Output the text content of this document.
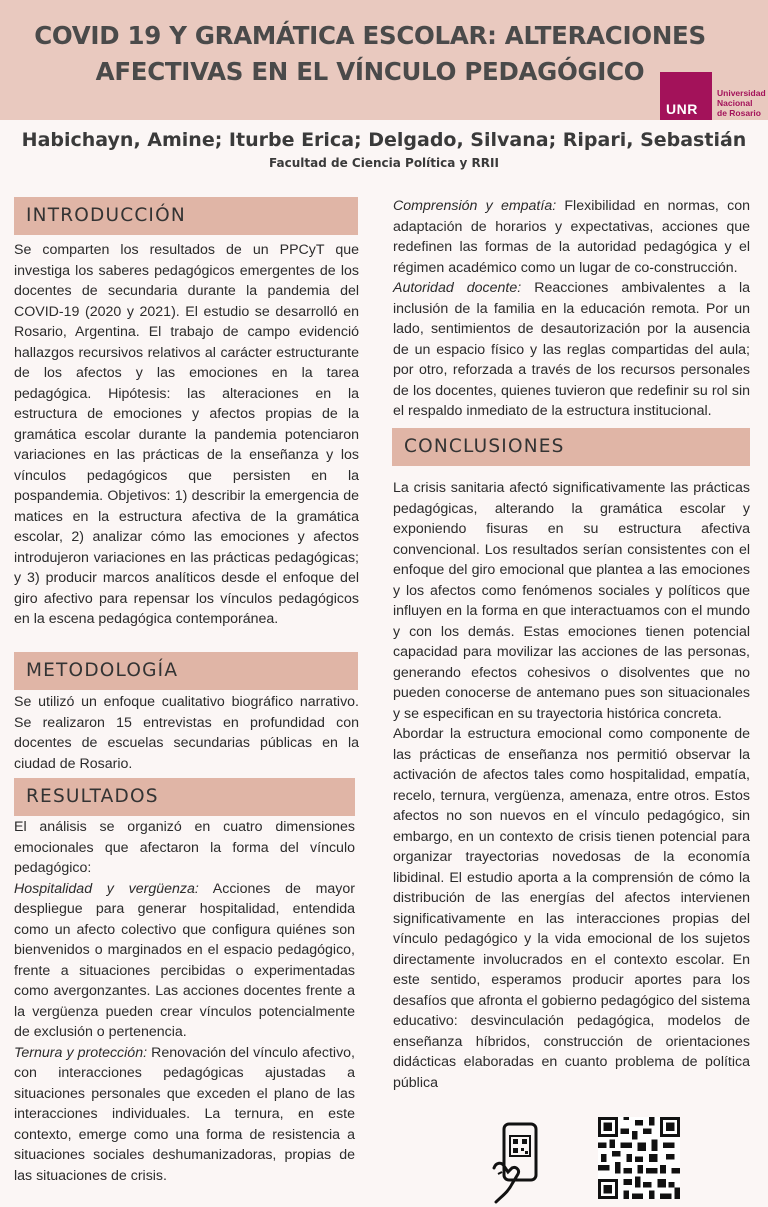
COVID 19 Y GRAMÁTICA ESCOLAR: ALTERACIONES
AFECTIVAS EN EL VÍNCULO PEDAGÓGICO
UNR
Universidad
Nacional
de Rosario
Habichayn, Amine; Iturbe Erica; Delgado, Silvana; Ripari, Sebastián
Facultad de Ciencia Política y RRII
INTRODUCCIÓN

Se comparten los resultados de un PPCyT que investiga los saberes pedagógicos emergentes de los docentes de secundaria durante la pandemia del COVID-19 (2020 y 2021). El estudio se desarrolló en Rosario, Argentina. El trabajo de campo evidenció hallazgos recursivos relativos al carácter estructurante de los afectos y las emociones en la tarea pedagógica. Hipótesis: las alteraciones en la estructura de emociones y afectos propias de la gramática escolar durante la pandemia potenciaron variaciones en las prácticas de la enseñanza y los vínculos pedagógicos que persisten en la pospandemia. Objetivos: 1) describir la emergencia de matices en la estructura afectiva de la gramática escolar, 2) analizar cómo las emociones y afectos introdujeron variaciones en las prácticas pedagógicas; y 3) producir marcos analíticos desde el enfoque del giro afectivo para repensar los vínculos pedagógicos en la escena pedagógica contemporánea.

METODOLOGÍA

Se utilizó un enfoque cualitativo biográfico narrativo. Se realizaron 15 entrevistas en profundidad con docentes de escuelas secundarias públicas en la ciudad de Rosario.

RESULTADOS

El análisis se organizó en cuatro dimensiones emocionales que afectaron la forma del vínculo pedagógico:

Hospitalidad y vergüenza: Acciones de mayor despliegue para generar hospitalidad, entendida como un afecto colectivo que configura quiénes son bienvenidos o marginados en el espacio pedagógico, frente a situaciones percibidas o experimentadas como avergonzantes. Las acciones docentes frente a la vergüenza pueden crear vínculos potencialmente de exclusión o pertenencia.

Ternura y protección: Renovación del vínculo afectivo, con interacciones pedagógicas ajustadas a situaciones personales que exceden el plano de las interacciones individuales. La ternura, en este contexto, emerge como una forma de resistencia a situaciones sociales deshumanizadoras, propias de las situaciones de crisis.

Comprensión y empatía: Flexibilidad en normas, con adaptación de horarios y expectativas, acciones que redefinen las formas de la autoridad pedagógica y el régimen académico como un lugar de co-construcción.

Autoridad docente: Reacciones ambivalentes a la inclusión de la familia en la educación remota. Por un lado, sentimientos de desautorización por la ausencia de un espacio físico y las reglas compartidas del aula; por otro, reforzada a través de los recursos personales de los docentes, quienes tuvieron que redefinir su rol sin el respaldo inmediato de la estructura institucional.

CONCLUSIONES

La crisis sanitaria afectó significativamente las prácticas pedagógicas, alterando la gramática escolar y exponiendo fisuras en su estructura afectiva convencional. Los resultados serían consistentes con el enfoque del giro emocional que plantea a las emociones y los afectos como fenómenos sociales y políticos que influyen en la forma en que interactuamos con el mundo y con los demás. Estas emociones tienen potencial capacidad para movilizar las acciones de las personas, generando efectos cohesivos o disolventes que no pueden conocerse de antemano pues son situacionales y se especifican en su trayectoria histórica concreta.

Abordar la estructura emocional como componente de las prácticas de enseñanza nos permitió observar la activación de afectos tales como hospitalidad, empatía, recelo, ternura, vergüenza, amenaza, entre otros. Estos afectos no son nuevos en el vínculo pedagógico, sin embargo, en un contexto de crisis tienen potencial para organizar trayectorias novedosas de la economía libidinal. El estudio aporta a la comprensión de cómo la distribución de las energías del afectos intervienen significativamente en las interacciones propias del vínculo pedagógico y la vida emocional de los sujetos directamente involucrados en el contexto escolar. En este sentido, esperamos producir aportes para los desafíos que afronta el gobierno pedagógico del sistema educativo: desvinculación pedagógica, modelos de enseñanza híbridos, construcción de orientaciones didácticas elaboradas en cuanto problema de política pública
